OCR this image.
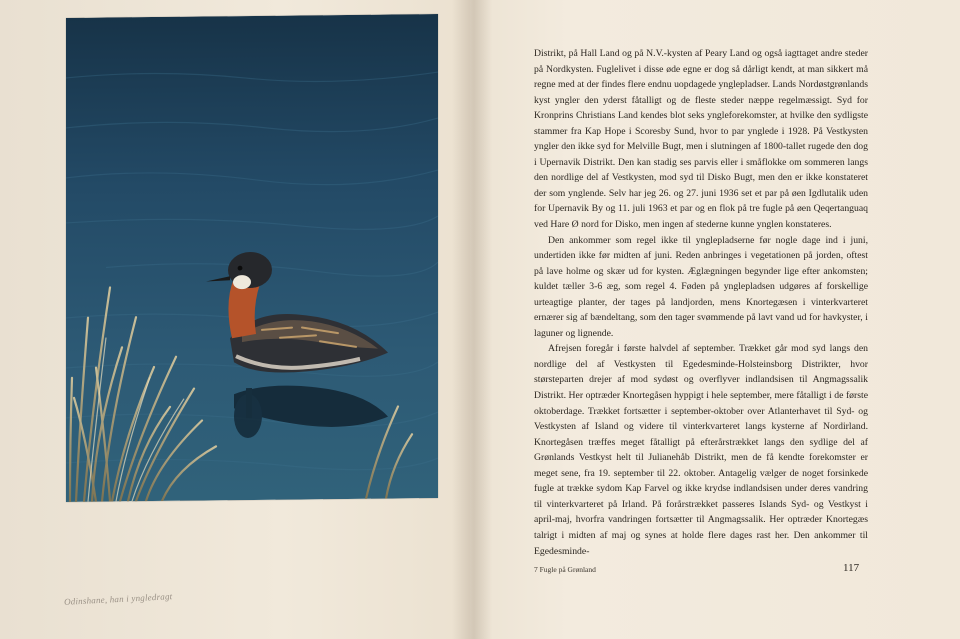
Odinshane, han i yngledragt

Distrikt, på Hall Land og på N.V.-kysten af Peary Land og også iagttaget andre steder på Nordkysten. Fuglelivet i disse øde egne er dog så dårligt kendt, at man sikkert må regne med at der findes flere endnu uopdagede ynglepladser. Lands Nordøstgrønlands kyst yngler den yderst fåtalligt og de fleste steder næppe regelmæssigt. Syd for Kronprins Christians Land kendes blot seks yngleforekomster, at hvilke den sydligste stammer fra Kap Hope i Scoresby Sund, hvor to par ynglede i 1928. På Vestkysten yngler den ikke syd for Melville Bugt, men i slutningen af 1800-tallet rugede den dog i Upernavik Distrikt. Den kan stadig ses parvis eller i småflokke om sommeren langs den nordlige del af Vestkysten, mod syd til Disko Bugt, men den er ikke konstateret der som ynglende. Selv har jeg 26. og 27. juni 1936 set et par på øen Igdlutalik uden for Upernavik By og 11. juli 1963 et par og en flok på tre fugle på øen Qeqertanguaq ved Hare Ø nord for Disko, men ingen af stederne kunne ynglen konstateres.

Den ankommer som regel ikke til ynglepladserne før nogle dage ind i juni, undertiden ikke før midten af juni. Reden anbringes i vegetationen på jorden, oftest på lave holme og skær ud for kysten. Æglægningen begynder lige efter ankomsten; kuldet tæller 3-6 æg, som regel 4. Føden på ynglepladsen udgøres af forskellige urteagtige planter, der tages på landjorden, mens Knortegæsen i vinterkvarteret ernærer sig af bændeltang, som den tager svømmende på lavt vand ud for havkyster, i laguner og lignende.

Afrejsen foregår i første halvdel af september. Trækket går mod syd langs den nordlige del af Vestkysten til Egedesminde-Holsteinsborg Distrikter, hvor størsteparten drejer af mod sydøst og overflyver indlandsisen til Angmagssalik Distrikt. Her optræder Knortegåsen hyppigt i hele september, mere fåtalligt i de første oktoberdage. Trækket fortsætter i september-oktober over Atlanterhavet til Syd- og Vestkysten af Island og videre til vinterkvarteret langs kysterne af Nordirland. Knortegåsen træffes meget fåtalligt på efterårstrækket langs den sydlige del af Grønlands Vestkyst helt til Julianehåb Distrikt, men de få kendte forekomster er meget sene, fra 19. september til 22. oktober. Antagelig vælger de noget forsinkede fugle at trække sydom Kap Farvel og ikke krydse indlandsisen under deres vandring til vinterkvarteret på Irland. På forårstrækket passeres Islands Syd- og Vestkyst i april-maj, hvorfra vandringen fortsætter til Angmagssalik. Her optræder Knortegæs talrigt i midten af maj og synes at holde flere dages rast her. Den ankommer til Egedesminde-

7 Fugle på Grønland	117
